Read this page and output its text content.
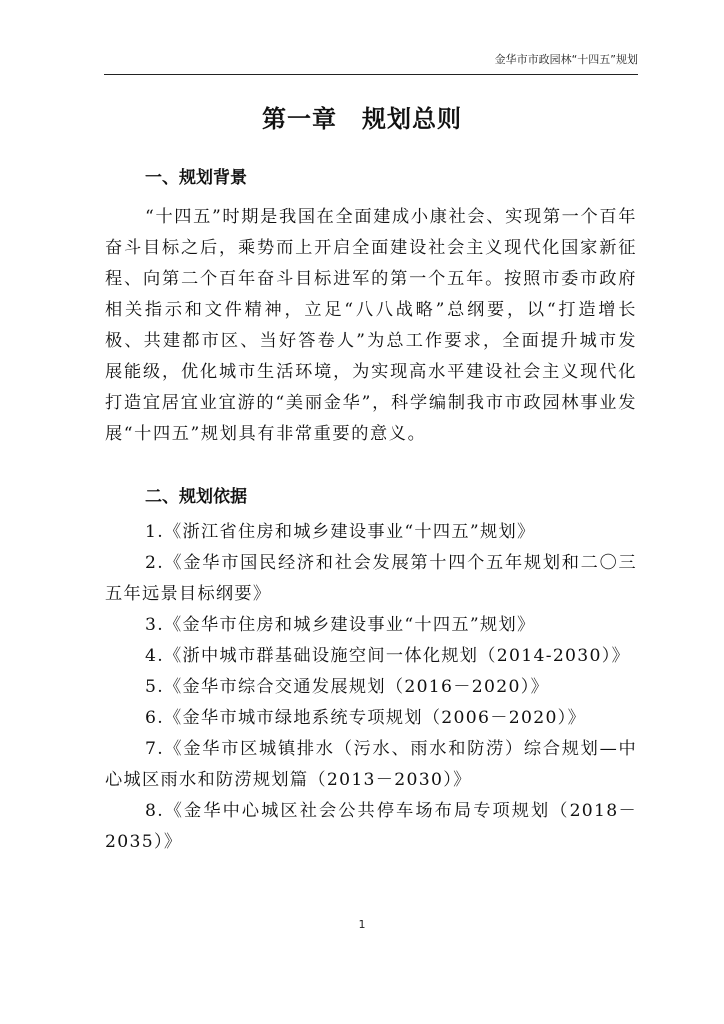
金华市市政园林“十四五”规划
第一章　规划总则
一、规划背景
“十四五”时期是我国在全面建成小康社会、实现第一个百年奋斗目标之后，乘势而上开启全面建设社会主义现代化国家新征程、向第二个百年奋斗目标进军的第一个五年。按照市委市政府相关指示和文件精神，立足“八八战略”总纲要，以“打造增长极、共建都市区、当好答卷人”为总工作要求，全面提升城市发展能级，优化城市生活环境，为实现高水平建设社会主义现代化打造宜居宜业宜游的“美丽金华”，科学编制我市市政园林事业发展“十四五”规划具有非常重要的意义。
二、规划依据
1.《浙江省住房和城乡建设事业“十四五”规划》
2.《金华市国民经济和社会发展第十四个五年规划和二〇三五年远景目标纲要》
3.《金华市住房和城乡建设事业“十四五”规划》
4.《浙中城市群基础设施空间一体化规划（2014-2030）》
5.《金华市综合交通发展规划（2016－2020）》
6.《金华市城市绿地系统专项规划（2006－2020）》
7.《金华市区城镇排水（污水、雨水和防涝）综合规划—中心城区雨水和防涝规划篇（2013－2030）》
8.《金华中心城区社会公共停车场布局专项规划（2018－2035）》
1
